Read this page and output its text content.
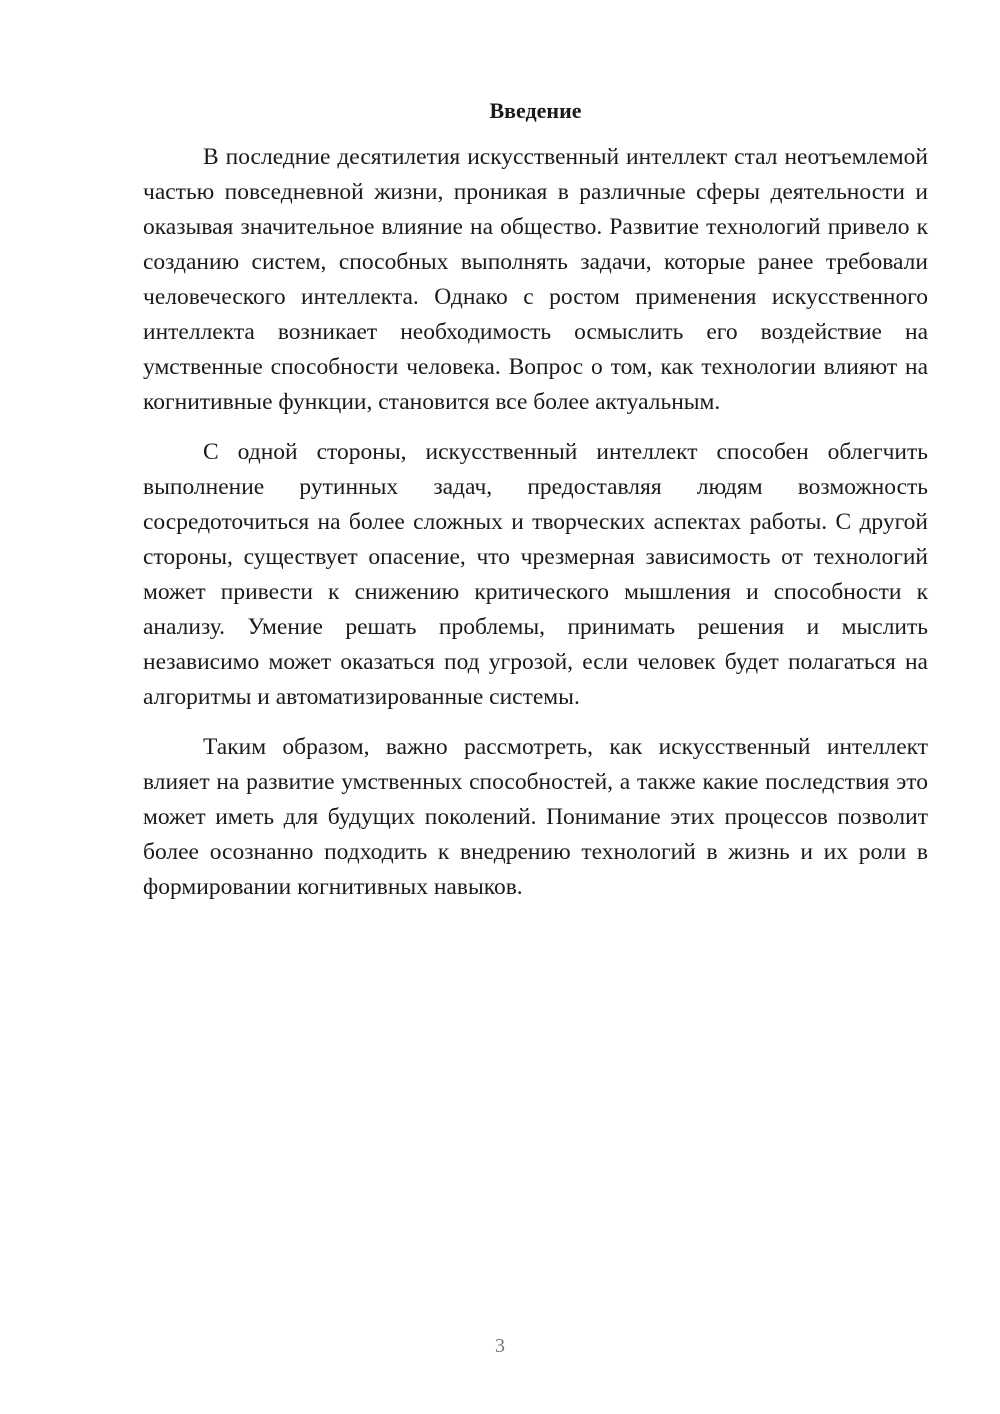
Введение

В последние десятилетия искусственный интеллект стал неотъемлемой частью повседневной жизни, проникая в различные сферы деятельности и оказывая значительное влияние на общество. Развитие технологий привело к созданию систем, способных выполнять задачи, которые ранее требовали человеческого интеллекта. Однако с ростом применения искусственного интеллекта возникает необходимость осмыслить его воздействие на умственные способности человека. Вопрос о том, как технологии влияют на когнитивные функции, становится все более актуальным.

С одной стороны, искусственный интеллект способен облегчить выполнение рутинных задач, предоставляя людям возможность сосредоточиться на более сложных и творческих аспектах работы. С другой стороны, существует опасение, что чрезмерная зависимость от технологий может привести к снижению критического мышления и способности к анализу. Умение решать проблемы, принимать решения и мыслить независимо может оказаться под угрозой, если человек будет полагаться на алгоритмы и автоматизированные системы.

Таким образом, важно рассмотреть, как искусственный интеллект влияет на развитие умственных способностей, а также какие последствия это может иметь для будущих поколений. Понимание этих процессов позволит более осознанно подходить к внедрению технологий в жизнь и их роли в формировании когнитивных навыков.

3
